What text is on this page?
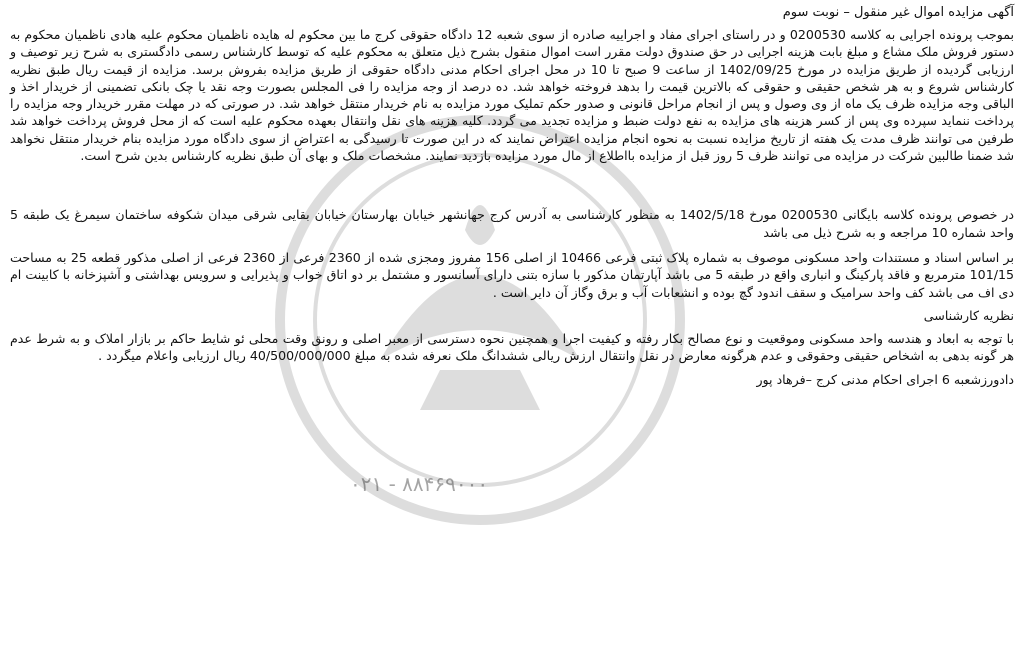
۰۲۱ - ۸۸۴۶۹۰۰۰
آگهی مزایده اموال غیر منقول – نوبت سوم

بموجب پرونده اجرایی به کلاسه 0200530 و در راستای اجرای مفاد و اجراییه صادره از سوی شعبه 12 دادگاه حقوقی کرج ما بین محکوم له هایده ناظمیان محکوم علیه هادی ناظمیان محکوم به دستور فروش ملک مشاع و مبلغ بابت هزینه اجرایی در حق صندوق دولت مقرر است اموال منقول بشرح ذیل متعلق به محکوم علیه که توسط کارشناس رسمی دادگستری به شرح زیر توصیف و ارزیابی گردیده از طریق مزایده در مورخ 1402/09/25 از ساعت 9 صبح تا 10 در محل اجرای احکام مدنی دادگاه حقوقی از طریق مزایده بفروش برسد. مزایده از قیمت ریال طبق نظریه کارشناس شروع و به هر شخص حقیقی و حقوقی که بالاترین قیمت را بدهد فروخته خواهد شد. ده درصد از وجه مزایده را فی المجلس بصورت وجه نقد یا چک بانکی تضمینی از خریدار اخذ و الباقی وجه مزایده ظرف یک ماه از وی وصول و پس از انجام مراحل قانونی و صدور حکم تملیک مورد مزایده به نام خریدار منتقل خواهد شد. در صورتی که در مهلت مقرر خریدار وجه مزایده را پرداخت ننماید سپرده وی پس از کسر هزینه های مزایده به نفع دولت ضبط و مزایده تجدید می گردد. کلیه هزینه های نقل وانتقال بعهده محکوم علیه است که از محل فروش پرداخت خواهد شد طرفین می توانند ظرف مدت یک هفته از تاریخ مزایده نسبت به نحوه انجام مزایده اعتراض نمایند که در این صورت تا رسیدگی به اعتراض از سوی دادگاه مورد مزایده بنام خریدار منتقل نخواهد شد ضمنا طالبین شرکت در مزایده می توانند ظرف 5 روز قبل از مزایده بااطلاع از مال مورد مزایده بازدید نمایند. مشخصات ملک و بهای آن طبق نظریه کارشناس بدین شرح است.

در خصوص پرونده کلاسه بایگانی 0200530 مورخ 1402/5/18 به منظور کارشناسی به آدرس کرج جهانشهر خیابان بهارستان خیابان بقایی شرقی میدان شکوفه ساختمان سیمرغ یک طبقه 5 واحد شماره 10 مراجعه و به شرح ذیل می باشد

بر اساس اسناد و مستندات واحد مسکونی موصوف به شماره پلاک ثبتی فرعی 10466 از اصلی 156 مفروز ومجزی شده از 2360 فرعی از 2360 فرعی از اصلی مذکور قطعه 25 به مساحت 101/15 مترمربع و فاقد پارکینگ و انباری واقع در طبقه 5 می باشد آپارتمان مذکور با سازه بتنی دارای آسانسور و مشتمل بر دو اتاق خواب و پذیرایی و سرویس بهداشتی و آشپزخانه با کابینت ام دی اف می باشد کف واحد سرامیک و سقف اندود گچ بوده و انشعابات آب و برق وگاز آن دایر است .

نظریه کارشناسی

با توجه به ابعاد و هندسه واحد مسکونی وموقعیت و نوع مصالح بکار رفته و کیفیت اجرا و همچنین نحوه دسترسی از معبر اصلی و رونق وقت محلی ئو شایط حاکم بر بازار املاک و به شرط عدم هر گونه بدهی به اشخاص حقیقی وحقوقی و عدم هرگونه معارض در نقل وانتقال ارزش ریالی ششدانگ ملک نعرفه شده به مبلغ 40/500/000/000 ریال ارزیابی واعلام میگردد .

دادورزشعبه 6 اجرای احکام مدنی کرج –فرهاد پور
